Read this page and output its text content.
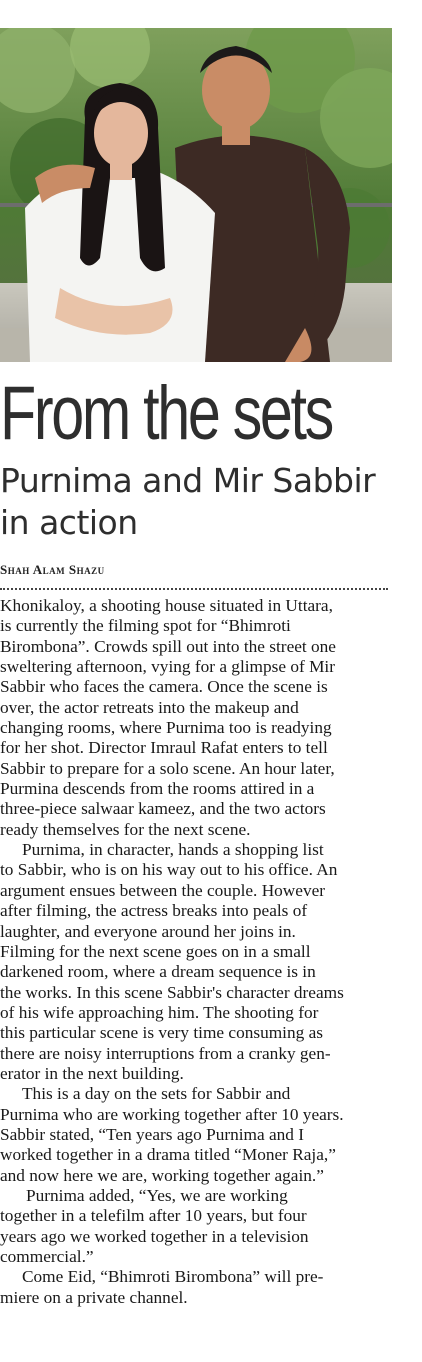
From the sets
Purnima and Mir Sabbir in action
Shah Alam Shazu

Khonikaloy, a shooting house situated in Uttara,
is currently the filming spot for “Bhimroti
Birombona”. Crowds spill out into the street one
sweltering afternoon, vying for a glimpse of Mir
Sabbir who faces the camera. Once the scene is
over, the actor retreats into the makeup and
changing rooms, where Purnima too is readying
for her shot. Director Imraul Rafat enters to tell
Sabbir to prepare for a solo scene. An hour later,
Purmina descends from the rooms attired in a
three-piece salwaar kameez, and the two actors
ready themselves for the next scene.

Purnima, in character, hands a shopping list
to Sabbir, who is on his way out to his office. An
argument ensues between the couple. However
after filming, the actress breaks into peals of
laughter, and everyone around her joins in.
Filming for the next scene goes on in a small
darkened room, where a dream sequence is in
the works. In this scene Sabbir's character dreams
of his wife approaching him. The shooting for
this particular scene is very time consuming as
there are noisy interruptions from a cranky gen-
erator in the next building.

This is a day on the sets for Sabbir and
Purnima who are working together after 10 years.
Sabbir stated, “Ten years ago Purnima and I
worked together in a drama titled “Moner Raja,”
and now here we are, working together again.”

Purnima added, “Yes, we are working
together in a telefilm after 10 years, but four
years ago we worked together in a television
commercial.”

Come Eid, “Bhimroti Birombona” will pre-
miere on a private channel.
